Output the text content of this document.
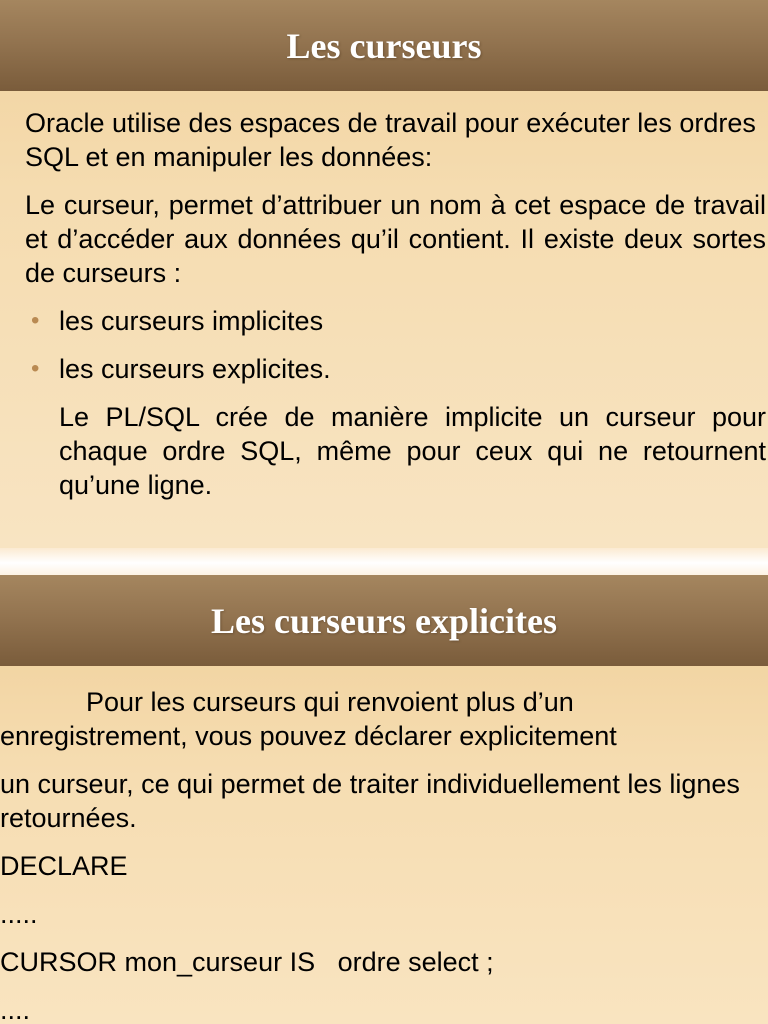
Les curseurs

Oracle utilise des espaces de travail pour exécuter les ordres SQL et en manipuler les données:

Le curseur, permet d’attribuer un nom à cet espace de travail et d’accéder aux données qu’il contient. Il existe deux sortes de curseurs :

• les curseurs implicites
• les curseurs explicites.

Le PL/SQL crée de manière implicite un curseur pour chaque ordre SQL, même pour ceux qui ne retournent qu’une ligne.

Les curseurs explicites

Pour les curseurs qui renvoient plus d’un enregistrement, vous pouvez déclarer explicitement

un curseur, ce qui permet de traiter individuellement les lignes retournées.

DECLARE

.....

CURSOR mon_curseur IS   ordre select ;

....
